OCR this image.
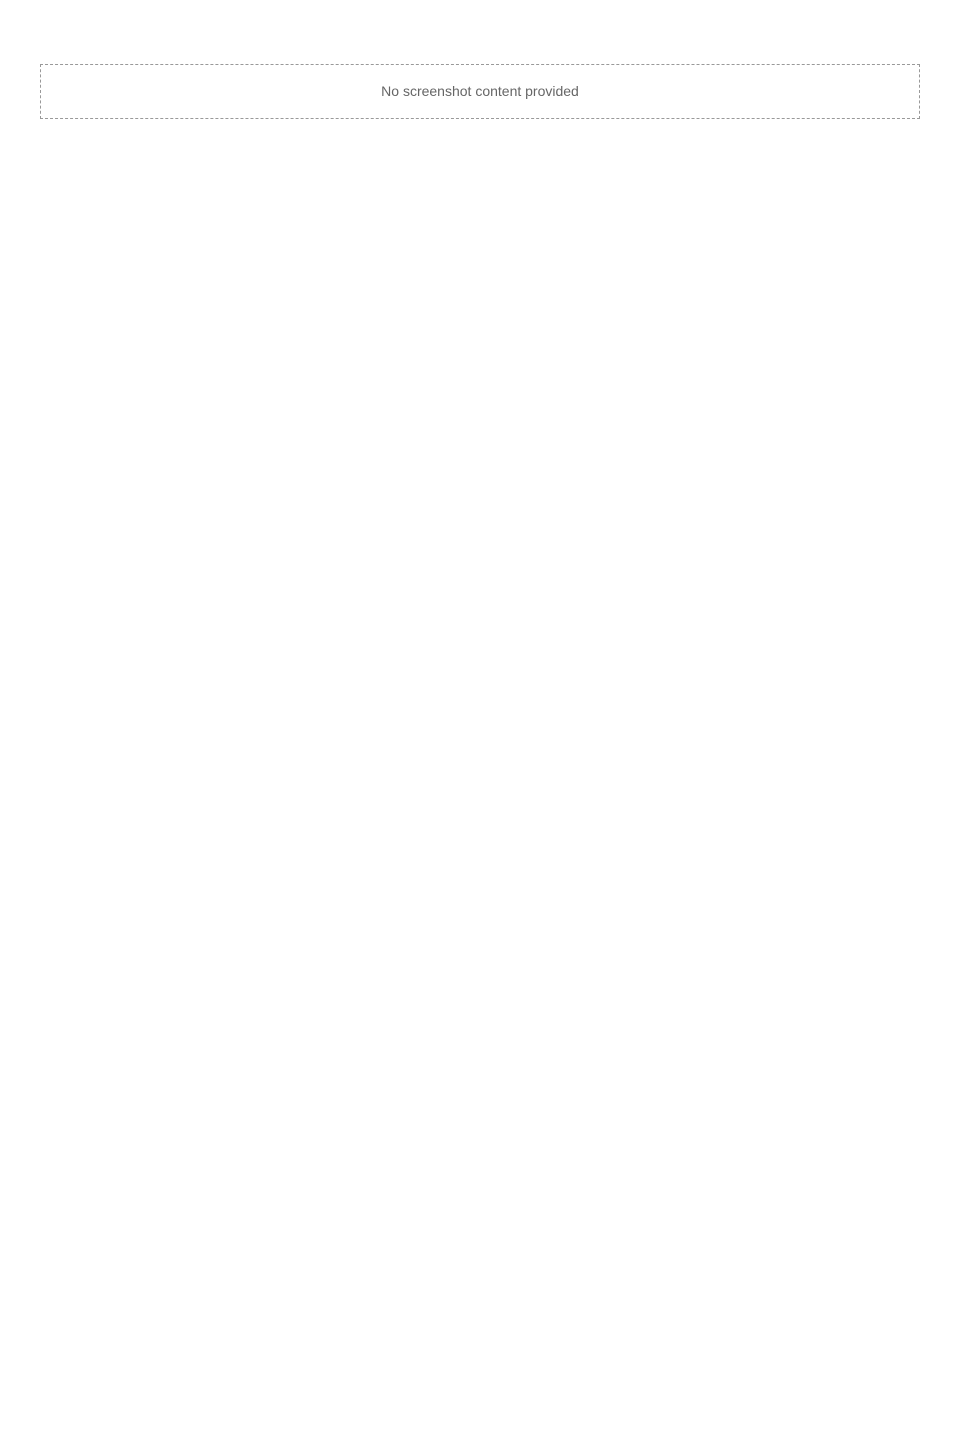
No screenshot content provided
